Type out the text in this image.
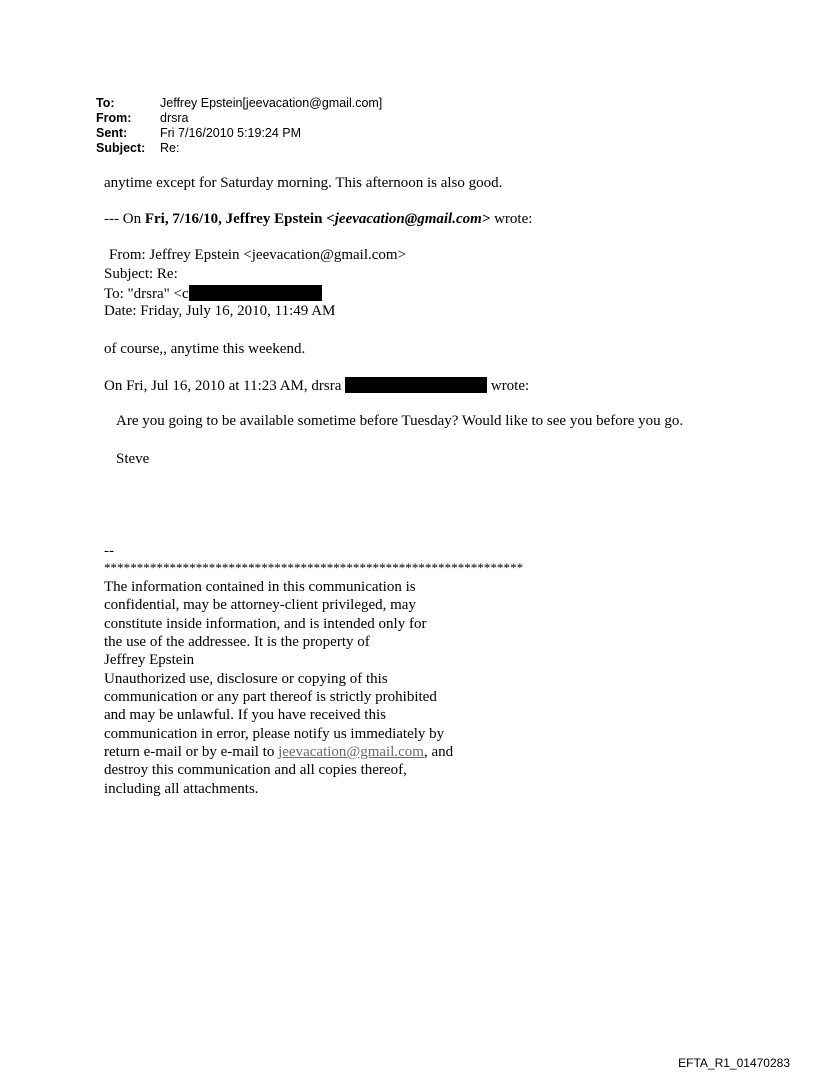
To:	Jeffrey Epstein[jeevacation@gmail.com]
From:	drsra
Sent:	Fri 7/16/2010 5:19:24 PM
Subject:	Re:
anytime except for Saturday morning. This afternoon is also good.
--- On Fri, 7/16/10, Jeffrey Epstein <jeevacation@gmail.com> wrote:
From: Jeffrey Epstein <jeevacation@gmail.com>
Subject: Re:
To: "drsra" <c
Date: Friday, July 16, 2010, 11:49 AM
of course,, anytime this weekend.
On Fri, Jul 16, 2010 at 11:23 AM, drsra	wrote:
Are you going to be available sometime before Tuesday? Would like to see you before you go.
Steve
--
****************************************************************
The information contained in this communication is
confidential, may be attorney-client privileged, may
constitute inside information, and is intended only for
the use of the addressee. It is the property of
Jeffrey Epstein
Unauthorized use, disclosure or copying of this
communication or any part thereof is strictly prohibited
and may be unlawful. If you have received this
communication in error, please notify us immediately by
return e-mail or by e-mail to jeevacation@gmail.com, and
destroy this communication and all copies thereof,
including all attachments.
EFTA_R1_01470283
